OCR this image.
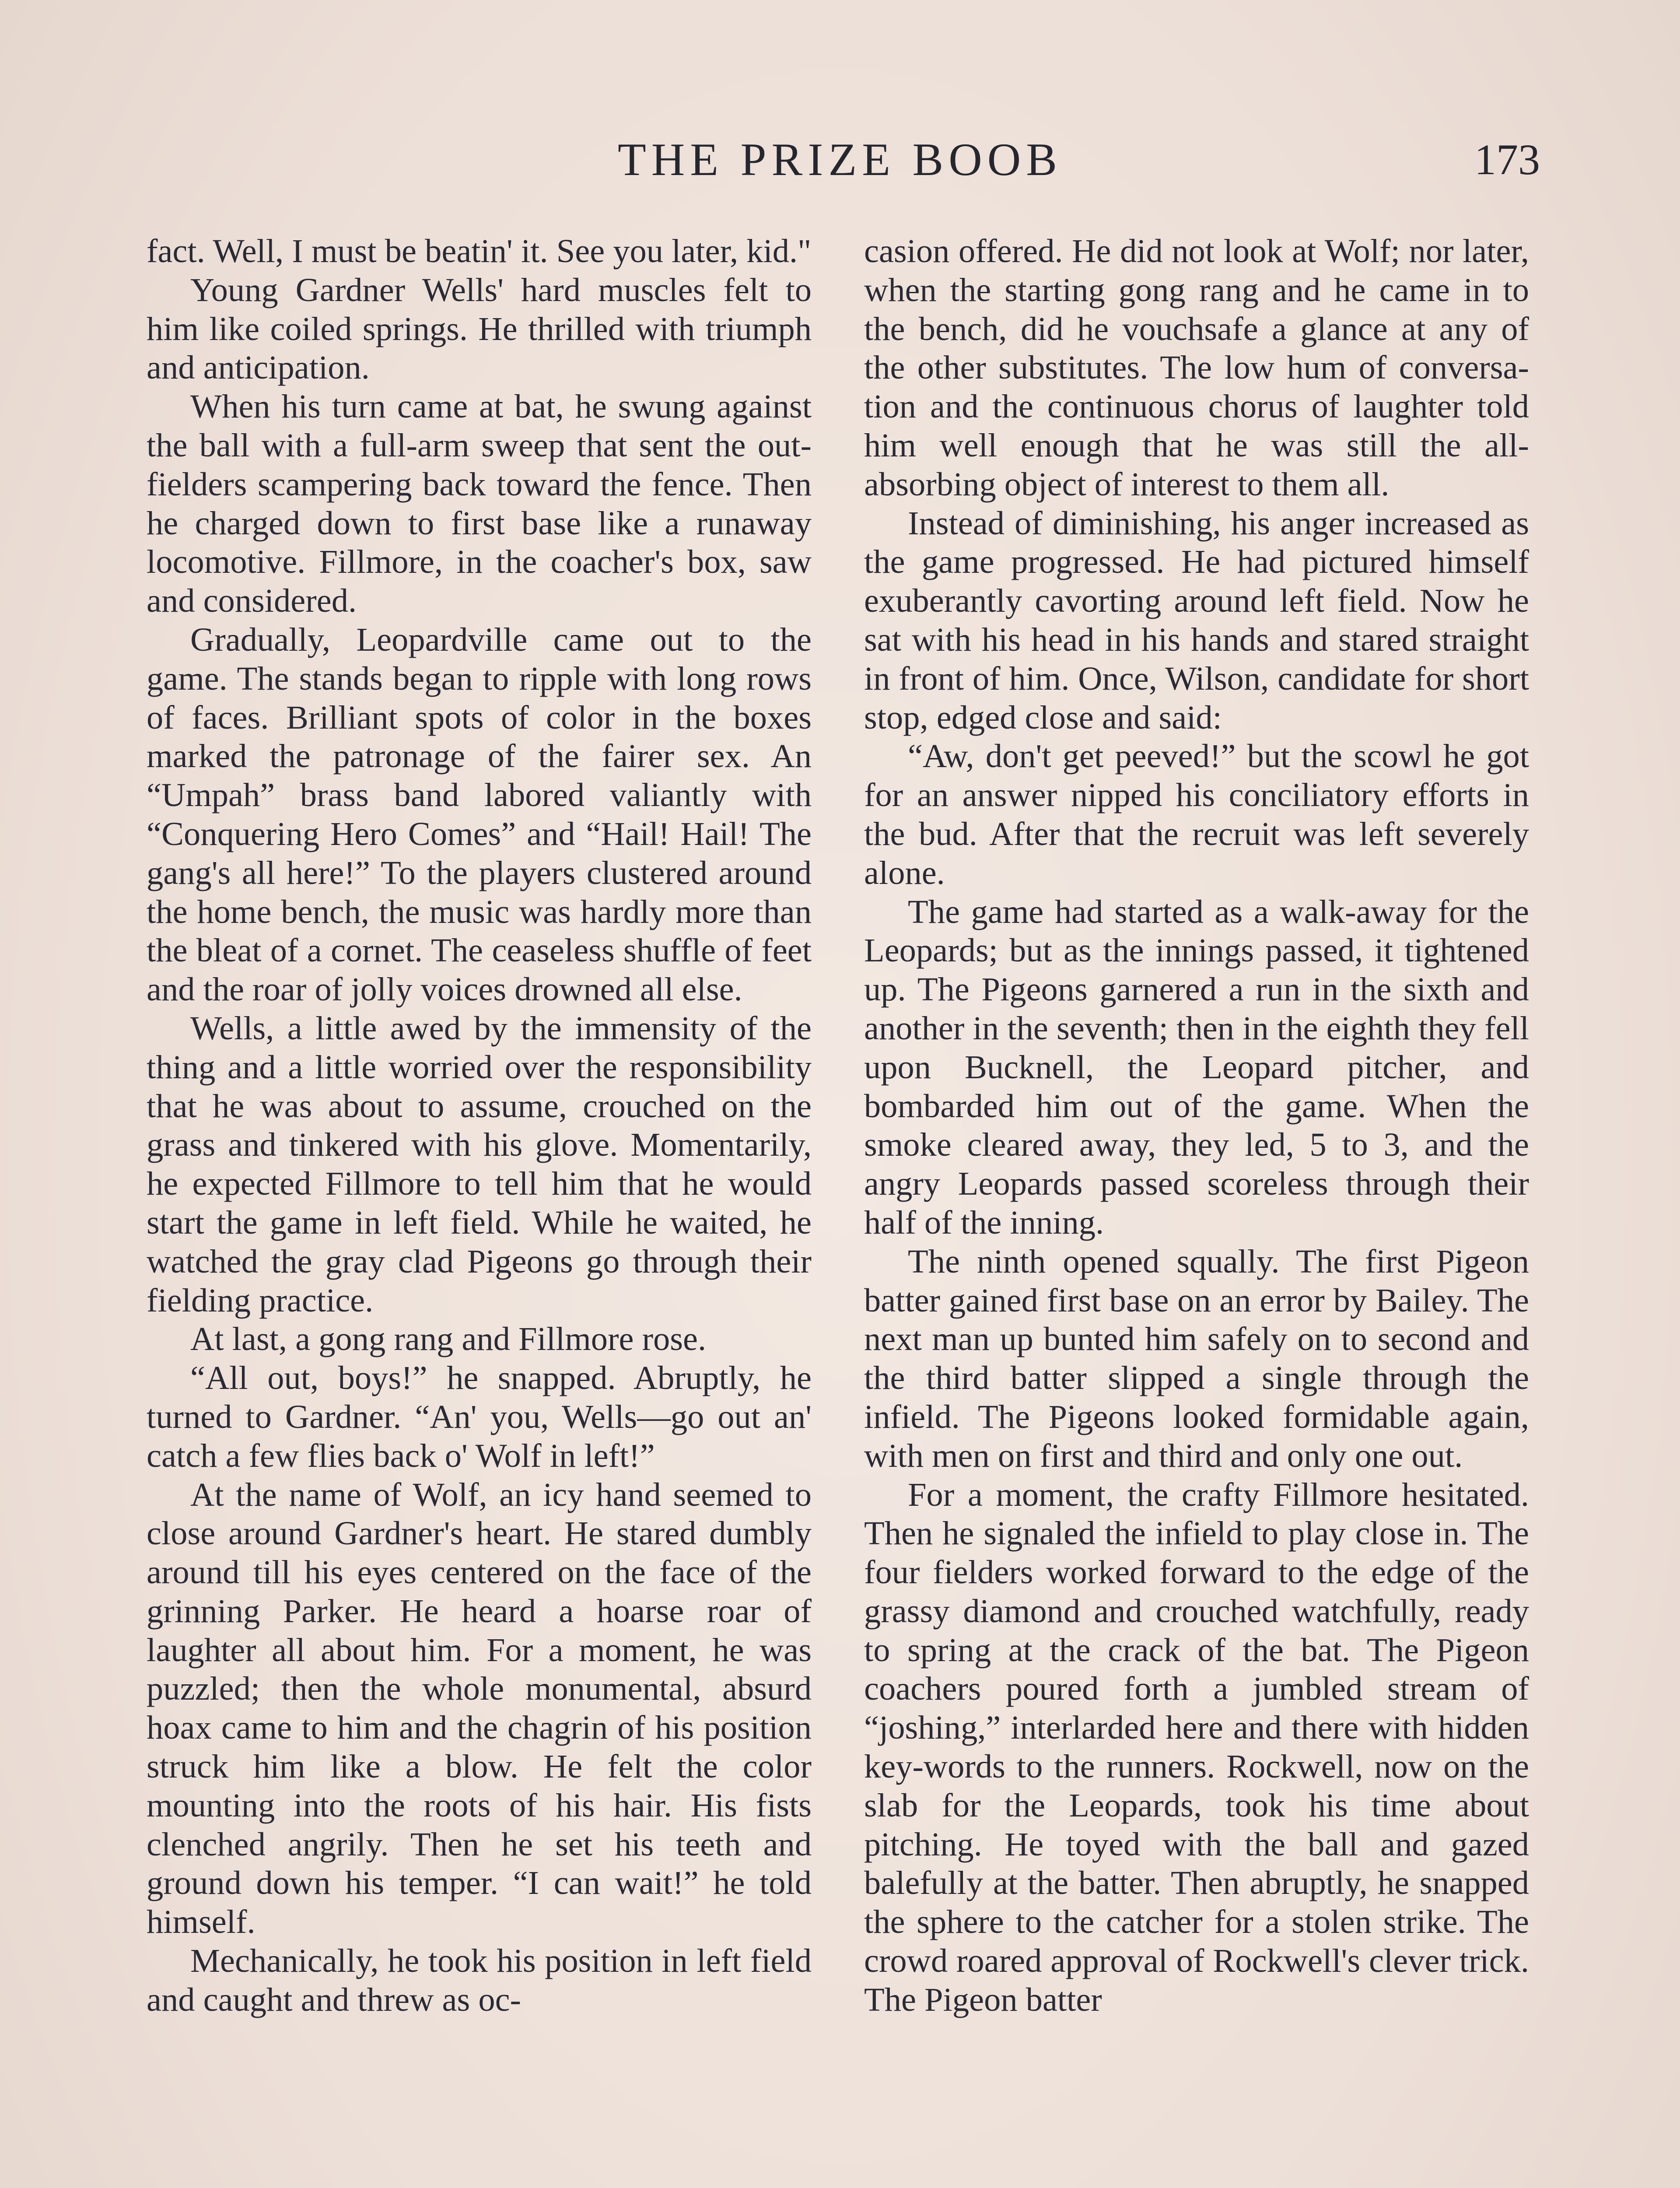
THE PRIZE BOOB	173

fact. Well, I must be beatin' it. See you later, kid."

Young Gardner Wells' hard muscles felt to him like coiled springs. He thrilled with triumph and anticipation.

When his turn came at bat, he swung against the ball with a full-arm sweep that sent the out-fielders scampering back toward the fence. Then he charged down to first base like a runaway locomotive. Fillmore, in the coacher's box, saw and considered.

Gradually, Leopardville came out to the game. The stands began to ripple with long rows of faces. Brilliant spots of color in the boxes marked the patronage of the fairer sex. An “Umpah” brass band labored valiantly with “Conquering Hero Comes” and “Hail! Hail! The gang's all here!” To the players clustered around the home bench, the music was hardly more than the bleat of a cornet. The ceaseless shuffle of feet and the roar of jolly voices drowned all else.

Wells, a little awed by the immensity of the thing and a little worried over the responsibility that he was about to assume, crouched on the grass and tinkered with his glove. Momentarily, he expected Fillmore to tell him that he would start the game in left field. While he waited, he watched the gray clad Pigeons go through their fielding practice.

At last, a gong rang and Fillmore rose.

“All out, boys!” he snapped. Abruptly, he turned to Gardner. “An' you, Wells—go out an' catch a few flies back o' Wolf in left!”

At the name of Wolf, an icy hand seemed to close around Gardner's heart. He stared dumbly around till his eyes centered on the face of the grinning Parker. He heard a hoarse roar of laughter all about him. For a moment, he was puzzled; then the whole monumental, absurd hoax came to him and the chagrin of his position struck him like a blow. He felt the color mounting into the roots of his hair. His fists clenched angrily. Then he set his teeth and ground down his temper. “I can wait!” he told himself.

Mechanically, he took his position in left field and caught and threw as oc-

casion offered. He did not look at Wolf; nor later, when the starting gong rang and he came in to the bench, did he vouchsafe a glance at any of the other substitutes. The low hum of conversation and the continuous chorus of laughter told him well enough that he was still the all-absorbing object of interest to them all.

Instead of diminishing, his anger increased as the game progressed. He had pictured himself exuberantly cavorting around left field. Now he sat with his head in his hands and stared straight in front of him. Once, Wilson, candidate for short stop, edged close and said:

“Aw, don't get peeved!” but the scowl he got for an answer nipped his conciliatory efforts in the bud. After that the recruit was left severely alone.

The game had started as a walk-away for the Leopards; but as the innings passed, it tightened up. The Pigeons garnered a run in the sixth and another in the seventh; then in the eighth they fell upon Bucknell, the Leopard pitcher, and bombarded him out of the game. When the smoke cleared away, they led, 5 to 3, and the angry Leopards passed scoreless through their half of the inning.

The ninth opened squally. The first Pigeon batter gained first base on an error by Bailey. The next man up bunted him safely on to second and the third batter slipped a single through the infield. The Pigeons looked formidable again, with men on first and third and only one out.

For a moment, the crafty Fillmore hesitated. Then he signaled the infield to play close in. The four fielders worked forward to the edge of the grassy diamond and crouched watchfully, ready to spring at the crack of the bat. The Pigeon coachers poured forth a jumbled stream of “joshing,” interlarded here and there with hidden key-words to the runners. Rockwell, now on the slab for the Leopards, took his time about pitching. He toyed with the ball and gazed balefully at the batter. Then abruptly, he snapped the sphere to the catcher for a stolen strike. The crowd roared approval of Rockwell's clever trick. The Pigeon batter
